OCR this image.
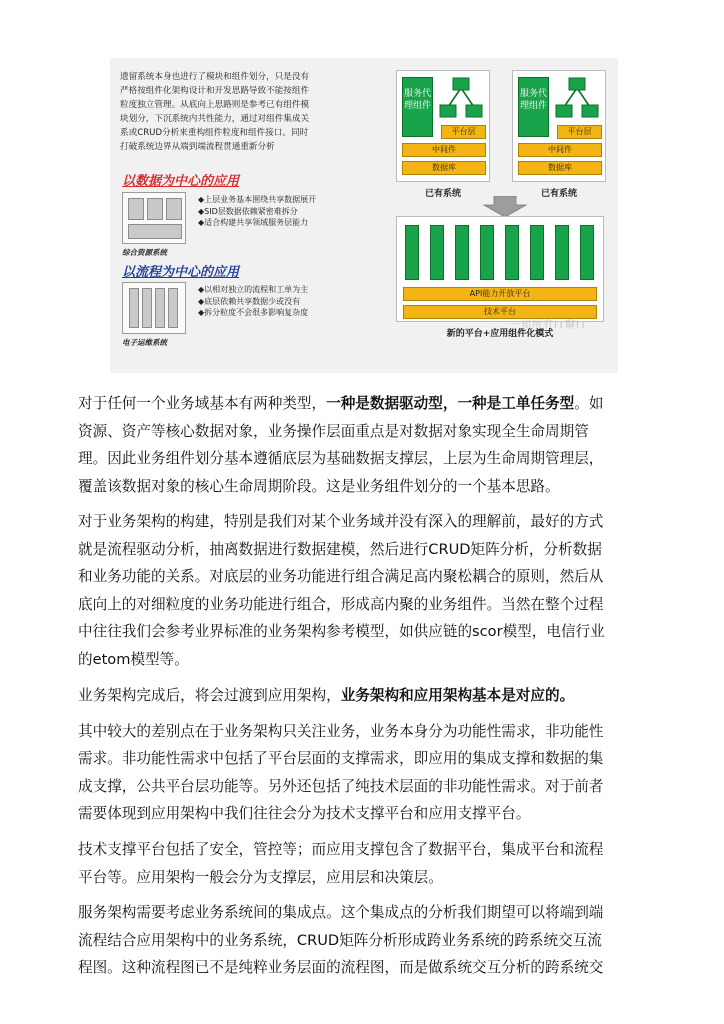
遗留系统本身也进行了模块和组件划分，只是没有
严格按组件化架构设计和开发思路导致不能按组件
粒度独立管理。从底向上思路则是参考已有组件模
块划分，下沉系统内共性能力，通过对组件集成关
系或CRUD分析来重构组件粒度和组件接口。同时
打破系统边界从端到端流程贯通重新分析
以数据为中心的应用
综合资源系统
◆上层业务基本围绕共享数据展开
◆SID层数据依赖紧密难拆分
◆适合构建共享领域服务层能力
以流程为中心的应用
电子运维系统
◆以相对独立的流程和工单为主
◆底层依赖共享数据少或没有
◆拆分粒度不会很多影响复杂度
服务代理组件
平台层
中间件
数据库
已有系统
服务代理组件
平台层
中间件
数据库
已有系统
API能力开放平台
技术平台
一知所有IT聊IT
新的平台+应用组件化模式
对于任何一个业务域基本有两种类型，一种是数据驱动型，一种是工单任务型。如
资源、资产等核心数据对象，业务操作层面重点是对数据对象实现全生命周期管
理。因此业务组件划分基本遵循底层为基础数据支撑层，上层为生命周期管理层，
覆盖该数据对象的核心生命周期阶段。这是业务组件划分的一个基本思路。
对于业务架构的构建，特别是我们对某个业务域并没有深入的理解前，最好的方式
就是流程驱动分析，抽离数据进行数据建模，然后进行CRUD矩阵分析，分析数据
和业务功能的关系。对底层的业务功能进行组合满足高内聚松耦合的原则，然后从
底向上的对细粒度的业务功能进行组合，形成高内聚的业务组件。当然在整个过程
中往往我们会参考业界标准的业务架构参考模型，如供应链的scor模型，电信行业
的etom模型等。
业务架构完成后，将会过渡到应用架构，业务架构和应用架构基本是对应的。
其中较大的差别点在于业务架构只关注业务，业务本身分为功能性需求，非功能性
需求。非功能性需求中包括了平台层面的支撑需求，即应用的集成支撑和数据的集
成支撑，公共平台层功能等。另外还包括了纯技术层面的非功能性需求。对于前者
需要体现到应用架构中我们往往会分为技术支撑平台和应用支撑平台。
技术支撑平台包括了安全，管控等；而应用支撑包含了数据平台，集成平台和流程
平台等。应用架构一般会分为支撑层，应用层和决策层。
服务架构需要考虑业务系统间的集成点。这个集成点的分析我们期望可以将端到端
流程结合应用架构中的业务系统，CRUD矩阵分析形成跨业务系统的跨系统交互流
程图。这种流程图已不是纯粹业务层面的流程图，而是做系统交互分析的跨系统交
